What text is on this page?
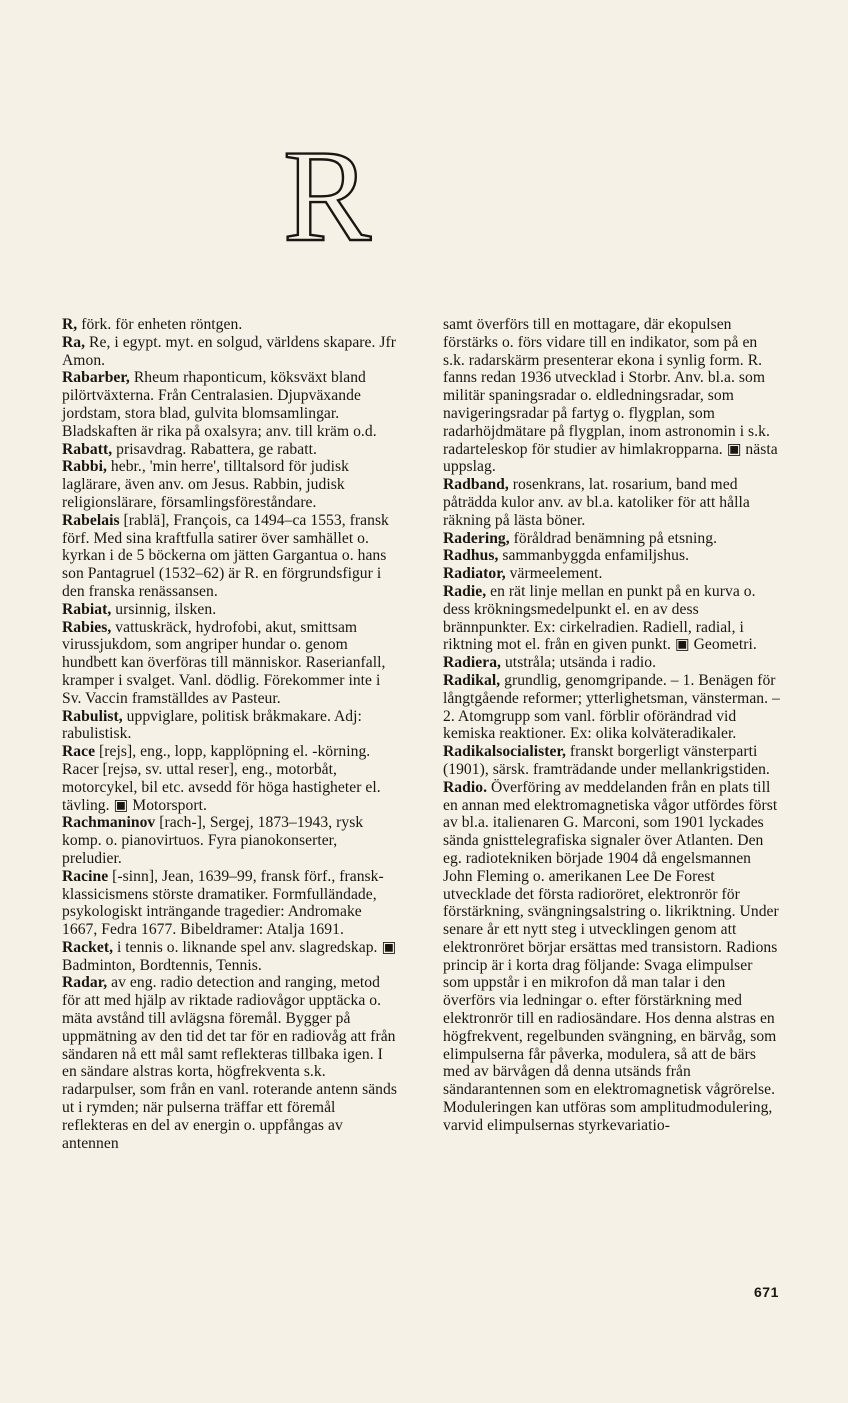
R
R, förk. för enheten röntgen.
Ra, Re, i egypt. myt. en solgud, världens skapare. Jfr Amon.
Rabarber, Rheum rhaponticum, köksväxt bland pilörtväxterna. Från Centralasien. Djupväxande jordstam, stora blad, gulvita blomsamlingar. Bladskaften är rika på oxalsyra; anv. till kräm o.d.
Rabatt, prisavdrag. Rabattera, ge rabatt.
Rabbi, hebr., 'min herre', tilltalsord för judisk laglärare, även anv. om Jesus. Rabbin, judisk religionslärare, församlingsföreståndare.
Rabelais [rablä], François, ca 1494–ca 1553, fransk förf. Med sina kraftfulla satirer över samhället o. kyrkan i de 5 böckerna om jätten Gargantua o. hans son Pantagruel (1532–62) är R. en förgrundsfigur i den franska renässansen.
Rabiat, ursinnig, ilsken.
Rabies, vattuskräck, hydrofobi, akut, smittsam virussjukdom, som angriper hundar o. genom hundbett kan överföras till människor. Raserianfall, kramper i svalget. Vanl. dödlig. Förekommer inte i Sv. Vaccin framställdes av Pasteur.
Rabulist, uppviglare, politisk bråkmakare. Adj: rabulistisk.
Race [rejs], eng., lopp, kapplöpning el. -körning. Racer [rejsə, sv. uttal reser], eng., motorbåt, motorcykel, bil etc. avsedd för höga hastigheter el. tävling. ▣ Motorsport.
Rachmaninov [rach-], Sergej, 1873–1943, rysk komp. o. pianovirtuos. Fyra pianokonserter, preludier.
Racine [-sinn], Jean, 1639–99, fransk förf., franskklassicismens störste dramatiker. Formfulländade, psykologiskt inträngande tragedier: Andromake 1667, Fedra 1677. Bibeldramer: Atalja 1691.
Racket, i tennis o. liknande spel anv. slagredskap. ▣ Badminton, Bordtennis, Tennis.
Radar, av eng. radio detection and ranging, metod för att med hjälp av riktade radiovågor upptäcka o. mäta avstånd till avlägsna föremål. Bygger på uppmätning av den tid det tar för en radiovåg att från sändaren nå ett mål samt reflekteras tillbaka igen. I en sändare alstras korta, högfrekventa s.k. radarpulser, som från en vanl. roterande antenn sänds ut i rymden; när pulserna träffar ett föremål reflekteras en del av energin o. uppfångas av antennen
samt överförs till en mottagare, där ekopulsen förstärks o. förs vidare till en indikator, som på en s.k. radarskärm presenterar ekona i synlig form. R. fanns redan 1936 utvecklad i Storbr. Anv. bl.a. som militär spaningsradar o. eldledningsradar, som navigeringsradar på fartyg o. flygplan, som radarhöjdmätare på flygplan, inom astronomin i s.k. radarteleskop för studier av himlakropparna. ▣ nästa uppslag.
Radband, rosenkrans, lat. rosarium, band med påträdda kulor anv. av bl.a. katoliker för att hålla räkning på lästa böner.
Radering, föråldrad benämning på etsning.
Radhus, sammanbyggda enfamiljshus.
Radiator, värmeelement.
Radie, en rät linje mellan en punkt på en kurva o. dess krökningsmedelpunkt el. en av dess brännpunkter. Ex: cirkelradien. Radiell, radial, i riktning mot el. från en given punkt. ▣ Geometri.
Radiera, utstråla; utsända i radio.
Radikal, grundlig, genomgripande. – 1. Benägen för långtgående reformer; ytterlighetsman, vänsterman. – 2. Atomgrupp som vanl. förblir oförändrad vid kemiska reaktioner. Ex: olika kolväteradikaler.
Radikalsocialister, franskt borgerligt vänsterparti (1901), särsk. framträdande under mellankrigstiden.
Radio. Överföring av meddelanden från en plats till en annan med elektromagnetiska vågor utfördes först av bl.a. italienaren G. Marconi, som 1901 lyckades sända gnisttelegrafiska signaler över Atlanten. Den eg. radiotekniken började 1904 då engelsmannen John Fleming o. amerikanen Lee De Forest utvecklade det första radioröret, elektronrör för förstärkning, svängningsalstring o. likriktning. Under senare år ett nytt steg i utvecklingen genom att elektronröret börjar ersättas med transistorn. Radions princip är i korta drag följande: Svaga elimpulser som uppstår i en mikrofon då man talar i den överförs via ledningar o. efter förstärkning med elektronrör till en radiosändare. Hos denna alstras en högfrekvent, regelbunden svängning, en bärvåg, som elimpulserna får påverka, modulera, så att de bärs med av bärvågen då denna utsänds från sändarantennen som en elektromagnetisk vågrörelse. Moduleringen kan utföras som amplitudmodulering, varvid elimpulsernas styrkevariatio-
671
